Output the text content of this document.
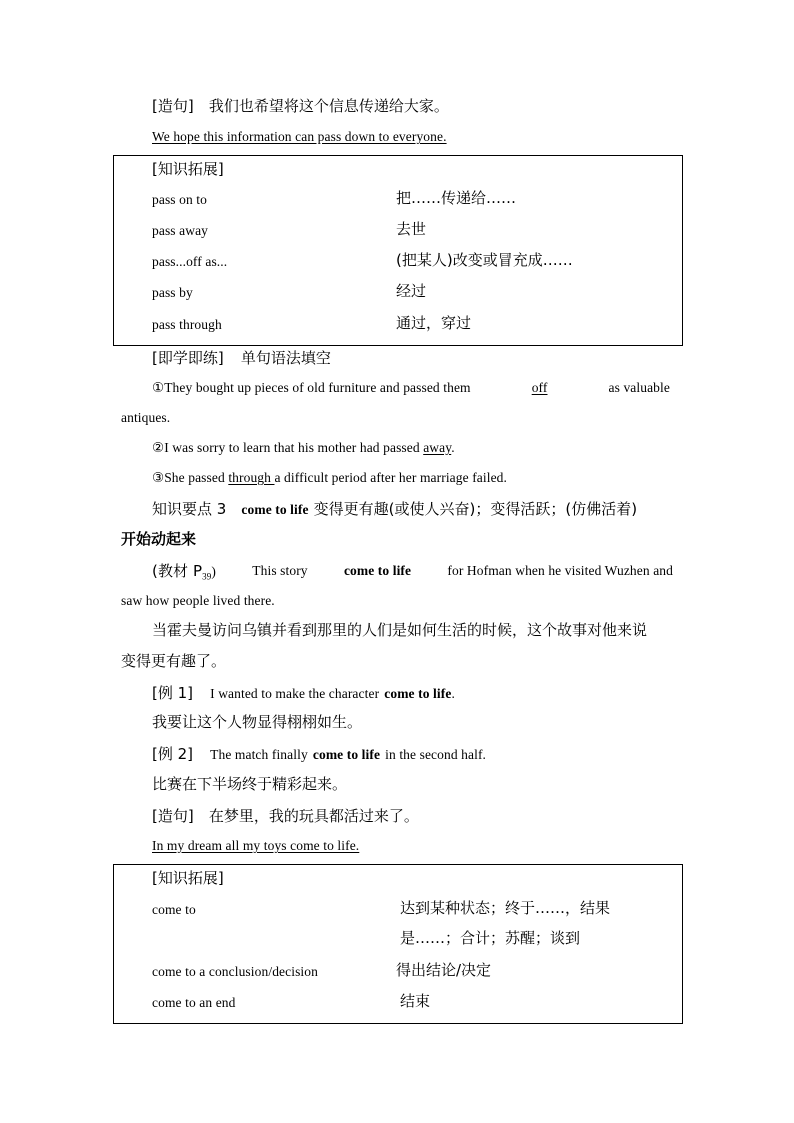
[造句] 我们也希望将这个信息传递给大家。
We hope this information can pass down to everyone.
[知识拓展]
pass on to	把……传递给……
pass away	去世
pass...off as...	(把某人)改变或冒充成……
pass by	经过
pass through	通过，穿过
[即学即练] 单句语法填空
①They bought up pieces of old furniture and passed them	off	as valuable
antiques.
②I was sorry to learn that his mother had passed away.
③She passed through a difficult period after her marriage failed.
知识要点 3 come to life 变得更有趣(或使人兴奋)；变得活跃；(仿佛活着)
开始动起来
(教材 $P_{39}$)	This story	come to life	for Hofman when he visited Wuzhen and
saw how people lived there.
当霍夫曼访问乌镇并看到那里的人们是如何生活的时候，这个故事对他来说
变得更有趣了。
[例 1] I wanted to make the character come to life.
我要让这个人物显得栩栩如生。
[例 2] The match finally come to life in the second half.
比赛在下半场终于精彩起来。
[造句] 在梦里，我的玩具都活过来了。
In my dream all my toys come to life.
[知识拓展]
come to	达到某种状态；终于……，结果
是……；合计；苏醒；谈到
come to a conclusion/decision	得出结论/决定
come to an end	结束
